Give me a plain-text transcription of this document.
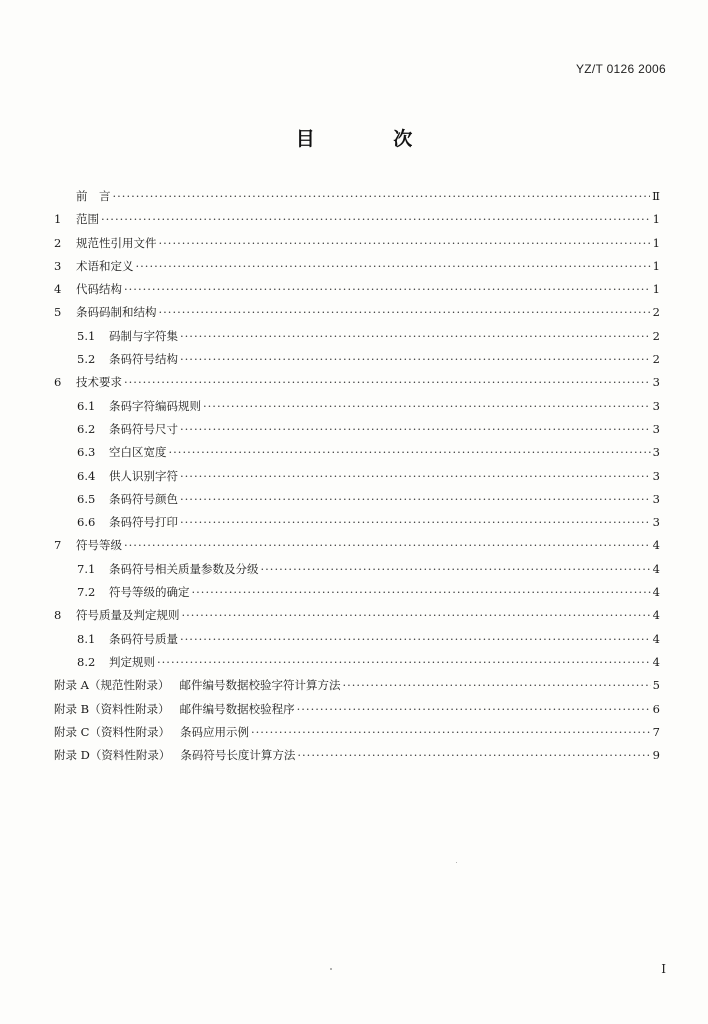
YZ/T 0126 2006
目 次
前　言 ·····	Ⅱ
1	范围 ·····	1
2	规范性引用文件 ·····	1
3	术语和定义 ·····	1
4	代码结构 ·····	1
5	条码码制和结构 ·····	2
5.1	码制与字符集 ·····	2
5.2	条码符号结构 ·····	2
6	技术要求 ·····	3
6.1	条码字符编码规则 ·····	3
6.2	条码符号尺寸 ·····	3
6.3	空白区宽度 ·····	3
6.4	供人识别字符 ·····	3
6.5	条码符号颜色 ·····	3
6.6	条码符号打印 ·····	3
7	符号等级 ·····	4
7.1	条码符号相关质量参数及分级 ·····	4
7.2	符号等级的确定 ·····	4
8	符号质量及判定规则 ·····	4
8.1	条码符号质量 ·····	4
8.2	判定规则 ·····	4
附录 A（规范性附录） 邮件编号数据校验字符计算方法 ·····	5
附录 B（资料性附录） 邮件编号数据校验程序 ·····	6
附录 C（资料性附录） 条码应用示例 ·····	7
附录 D（资料性附录） 条码符号长度计算方法 ·····	9
I
